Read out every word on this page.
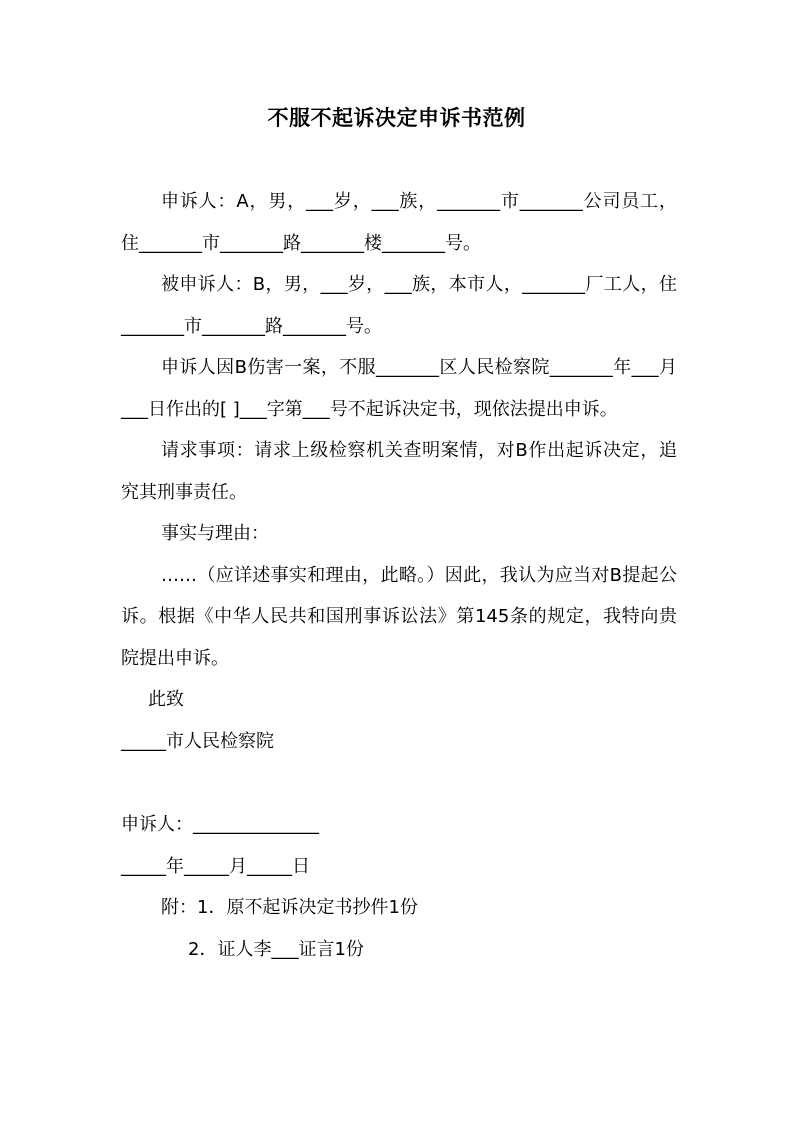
不服不起诉决定申诉书范例

申诉人：A，男，___岁，___族，_______市_______公司员工，住_______市_______路_______楼_______号。

被申诉人：B，男，___岁，___族，本市人，_______厂工人，住_______市_______路_______号。

申诉人因B伤害一案，不服_______区人民检察院_______年___月___日作出的[ ]___字第___号不起诉决定书，现依法提出申诉。

请求事项：请求上级检察机关查明案情，对B作出起诉决定，追究其刑事责任。

事实与理由：

……（应详述事实和理由，此略。）因此，我认为应当对B提起公诉。根据《中华人民共和国刑事诉讼法》第145条的规定，我特向贵院提出申诉。

此致

_____市人民检察院

申诉人：______________

_____年_____月_____日

附：1．原不起诉决定书抄件1份

2．证人李___证言1份
